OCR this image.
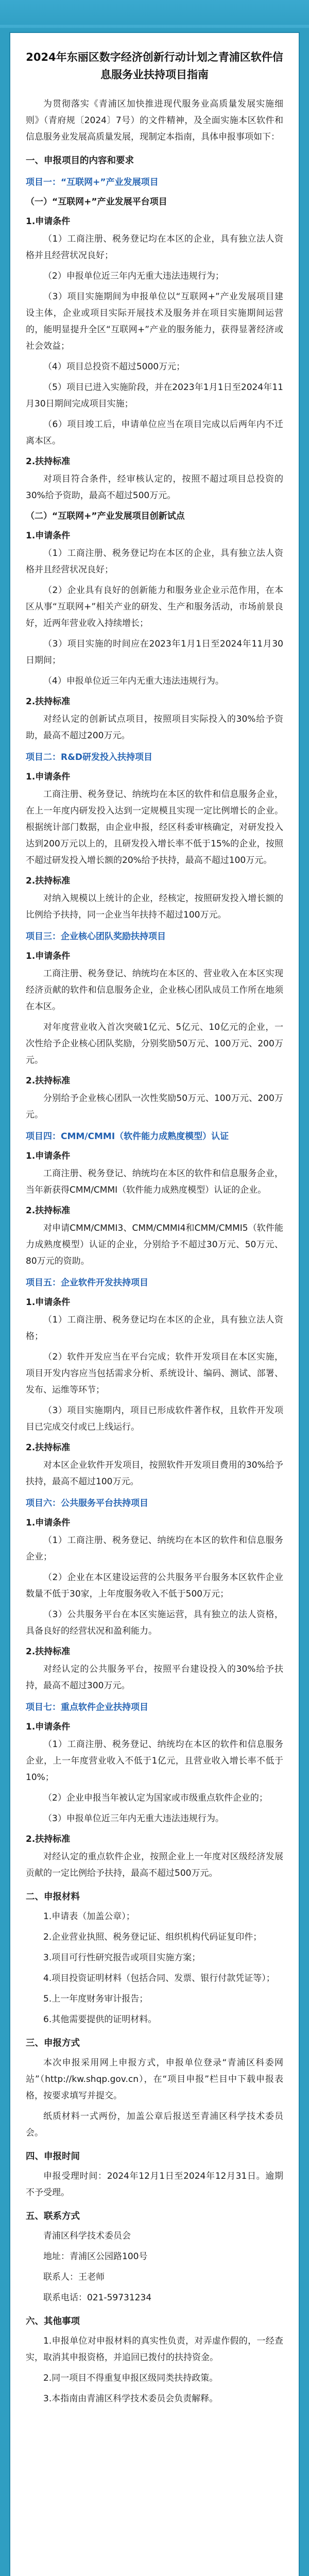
2024年东丽区数字经济创新行动计划之青浦区软件信息服务业扶持项目指南
为贯彻落实《青浦区加快推进现代服务业高质量发展实施细则》（青府规〔2024〕7号）的文件精神，及全面实施本区软件和信息服务业发展高质量发展，现制定本指南，具体申报事项如下：
一、申报项目的内容和要求
项目一：“互联网+”产业发展项目
（一）“互联网+”产业发展平台项目
1.申请条件
（1）工商注册、税务登记均在本区的企业，具有独立法人资格并且经营状况良好；
（2）申报单位近三年内无重大违法违规行为；
（3）项目实施期间为申报单位以“互联网+”产业发展项目建设主体，企业或项目实际开展技术及服务并在项目实施期间运营的，能明显提升全区“互联网+”产业的服务能力，获得显著经济或社会效益；
（4）项目总投资不超过5000万元；
（5）项目已进入实施阶段，并在2023年1月1日至2024年11月30日期间完成项目实施；
（6）项目竣工后，申请单位应当在项目完成以后两年内不迁离本区。
2.扶持标准
对项目符合条件，经审核认定的，按照不超过项目总投资的30%给予资助，最高不超过500万元。
（二）“互联网+”产业发展项目创新试点
1.申请条件
（1）工商注册、税务登记均在本区的企业，具有独立法人资格并且经营状况良好；
（2）企业具有良好的创新能力和服务业企业示范作用，在本区从事“互联网+”相关产业的研发、生产和服务活动，市场前景良好，近两年营业收入持续增长；
（3）项目实施的时间应在2023年1月1日至2024年11月30日期间；
（4）申报单位近三年内无重大违法违规行为。
2.扶持标准
对经认定的创新试点项目，按照项目实际投入的30%给予资助，最高不超过200万元。
项目二：R&D研发投入扶持项目
1.申请条件
工商注册、税务登记、纳统均在本区的软件和信息服务企业，在上一年度内研发投入达到一定规模且实现一定比例增长的企业。根据统计部门数据，由企业申报，经区科委审核确定，对研发投入达到200万元以上的，且研发投入增长率不低于15%的企业，按照不超过研发投入增长额的20%给予扶持，最高不超过100万元。
2.扶持标准
对纳入规模以上统计的企业，经核定，按照研发投入增长额的比例给予扶持，同一企业当年扶持不超过100万元。
项目三：企业核心团队奖励扶持项目
1.申请条件
工商注册、税务登记、纳统均在本区的、营业收入在本区实现经济贡献的软件和信息服务企业，企业核心团队成员工作所在地须在本区。
对年度营业收入首次突破1亿元、5亿元、10亿元的企业，一次性给予企业核心团队奖励，分别奖励50万元、100万元、200万元。
2.扶持标准
分别给予企业核心团队一次性奖励50万元、100万元、200万元。
项目四：CMM/CMMI（软件能力成熟度模型）认证
1.申请条件
工商注册、税务登记、纳统均在本区的软件和信息服务企业，当年新获得CMM/CMMI（软件能力成熟度模型）认证的企业。
2.扶持标准
对申请CMM/CMMI3、CMM/CMMI4和CMM/CMMI5（软件能力成熟度模型）认证的企业，分别给予不超过30万元、50万元、80万元的资助。
项目五：企业软件开发扶持项目
1.申请条件
（1）工商注册、税务登记均在本区的企业，具有独立法人资格；
（2）软件开发应当在平台完成；软件开发项目在本区实施，项目开发内容应当包括需求分析、系统设计、编码、测试、部署、发布、运维等环节；
（3）项目实施期内，项目已形成软件著作权，且软件开发项目已完成交付或已上线运行。
2.扶持标准
对本区企业软件开发项目，按照软件开发项目费用的30%给予扶持，最高不超过100万元。
项目六：公共服务平台扶持项目
1.申请条件
（1）工商注册、税务登记、纳统均在本区的软件和信息服务企业；
（2）企业在本区建设运营的公共服务平台服务本区软件企业数量不低于30家，上年度服务收入不低于500万元；
（3）公共服务平台在本区实施运营，具有独立的法人资格，具备良好的经营状况和盈利能力。
2.扶持标准
对经认定的公共服务平台，按照平台建设投入的30%给予扶持，最高不超过300万元。
项目七：重点软件企业扶持项目
1.申请条件
（1）工商注册、税务登记、纳统均在本区的软件和信息服务企业，上一年度营业收入不低于1亿元，且营业收入增长率不低于10%；
（2）企业申报当年被认定为国家或市级重点软件企业的；
（3）申报单位近三年内无重大违法违规行为。
2.扶持标准
对经认定的重点软件企业，按照企业上一年度对区级经济发展贡献的一定比例给予扶持，最高不超过500万元。
二、申报材料
1.申请表（加盖公章）；
2.企业营业执照、税务登记证、组织机构代码证复印件；
3.项目可行性研究报告或项目实施方案；
4.项目投资证明材料（包括合同、发票、银行付款凭证等）；
5.上一年度财务审计报告；
6.其他需要提供的证明材料。
三、申报方式
本次申报采用网上申报方式，申报单位登录“青浦区科委网站”（http://kw.shqp.gov.cn），在“项目申报”栏目中下载申报表格，按要求填写并提交。
纸质材料一式两份，加盖公章后报送至青浦区科学技术委员会。
四、申报时间
申报受理时间：2024年12月1日至2024年12月31日。逾期不予受理。
五、联系方式
青浦区科学技术委员会
地址：青浦区公园路100号
联系人：王老师
联系电话：021-59731234
六、其他事项
1.申报单位对申报材料的真实性负责，对弄虚作假的，一经查实，取消其申报资格，并追回已拨付的扶持资金。
2.同一项目不得重复申报区级同类扶持政策。
3.本指南由青浦区科学技术委员会负责解释。
